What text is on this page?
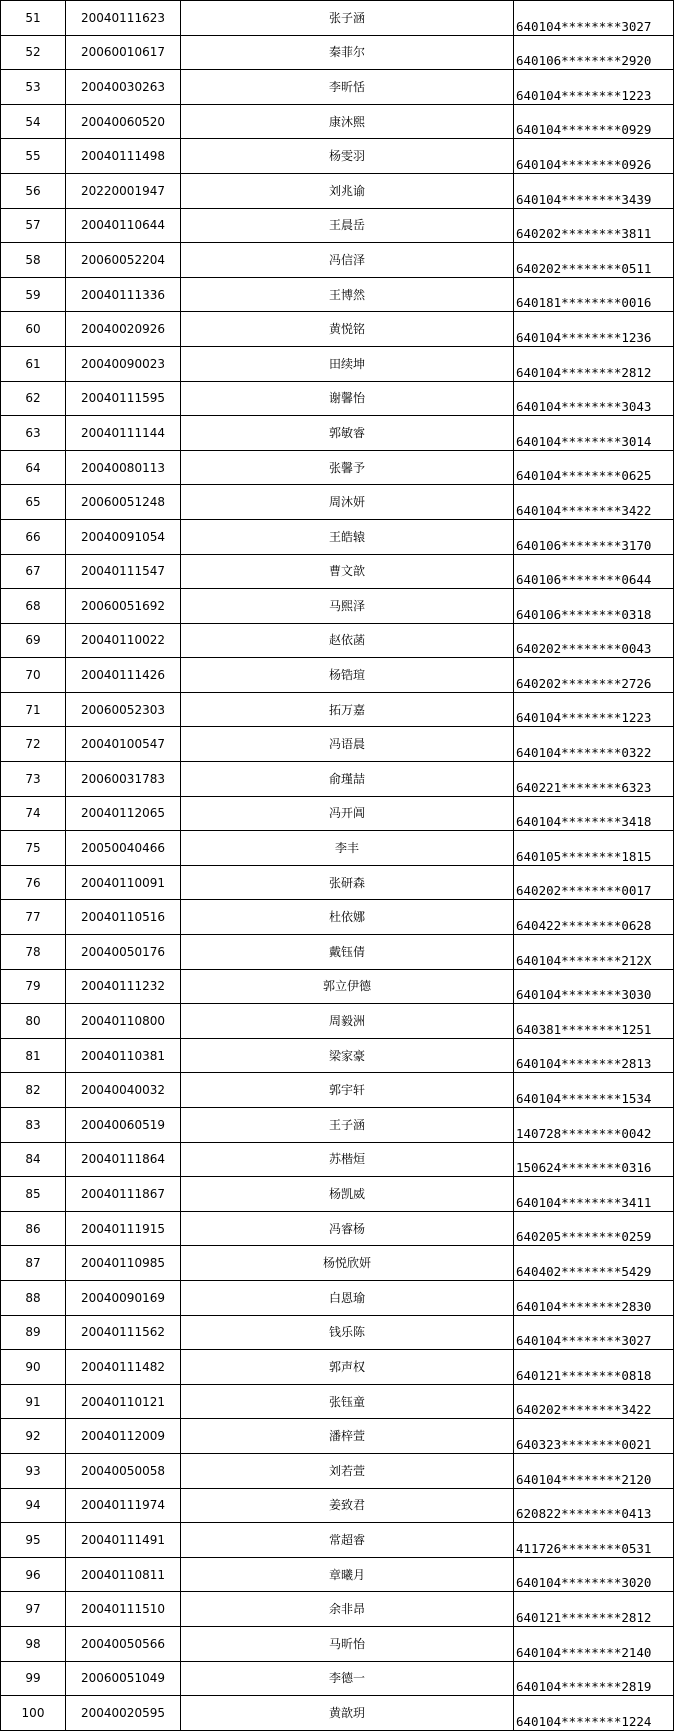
51	20040111623	张子涵	640104********3027
52	20060010617	秦菲尔	640106********2920
53	20040030263	李昕恬	640104********1223
54	20040060520	康沐熙	640104********0929
55	20040111498	杨雯羽	640104********0926
56	20220001947	刘兆谕	640104********3439
57	20040110644	王晨岳	640202********3811
58	20060052204	冯信泽	640202********0511
59	20040111336	王博然	640181********0016
60	20040020926	黄悦铭	640104********1236
61	20040090023	田续坤	640104********2812
62	20040111595	谢馨怡	640104********3043
63	20040111144	郭敏睿	640104********3014
64	20040080113	张馨予	640104********0625
65	20060051248	周沐妍	640104********3422
66	20040091054	王皓辕	640106********3170
67	20040111547	曹文歆	640106********0644
68	20060051692	马熙泽	640106********0318
69	20040110022	赵依菡	640202********0043
70	20040111426	杨锆瑄	640202********2726
71	20060052303	拓万嘉	640104********1223
72	20040100547	冯语晨	640104********0322
73	20060031783	俞瑾喆	640221********6323
74	20040112065	冯开阊	640104********3418
75	20050040466	李丰	640105********1815
76	20040110091	张研森	640202********0017
77	20040110516	杜依娜	640422********0628
78	20040050176	戴钰倩	640104********212X
79	20040111232	郭立伊德	640104********3030
80	20040110800	周毅洲	640381********1251
81	20040110381	梁家豪	640104********2813
82	20040040032	郭宇轩	640104********1534
83	20040060519	王子涵	140728********0042
84	20040111864	苏楷烜	150624********0316
85	20040111867	杨凯威	640104********3411
86	20040111915	冯睿杨	640205********0259
87	20040110985	杨悦欣妍	640402********5429
88	20040090169	白恩瑜	640104********2830
89	20040111562	钱乐陈	640104********3027
90	20040111482	郭声权	640121********0818
91	20040110121	张钰童	640202********3422
92	20040112009	潘梓萱	640323********0021
93	20040050058	刘若萱	640104********2120
94	20040111974	姜致君	620822********0413
95	20040111491	常超睿	411726********0531
96	20040110811	章曦月	640104********3020
97	20040111510	余非昂	640121********2812
98	20040050566	马昕怡	640104********2140
99	20060051049	李德一	640104********2819
100	20040020595	黄歆玥	640104********1224
